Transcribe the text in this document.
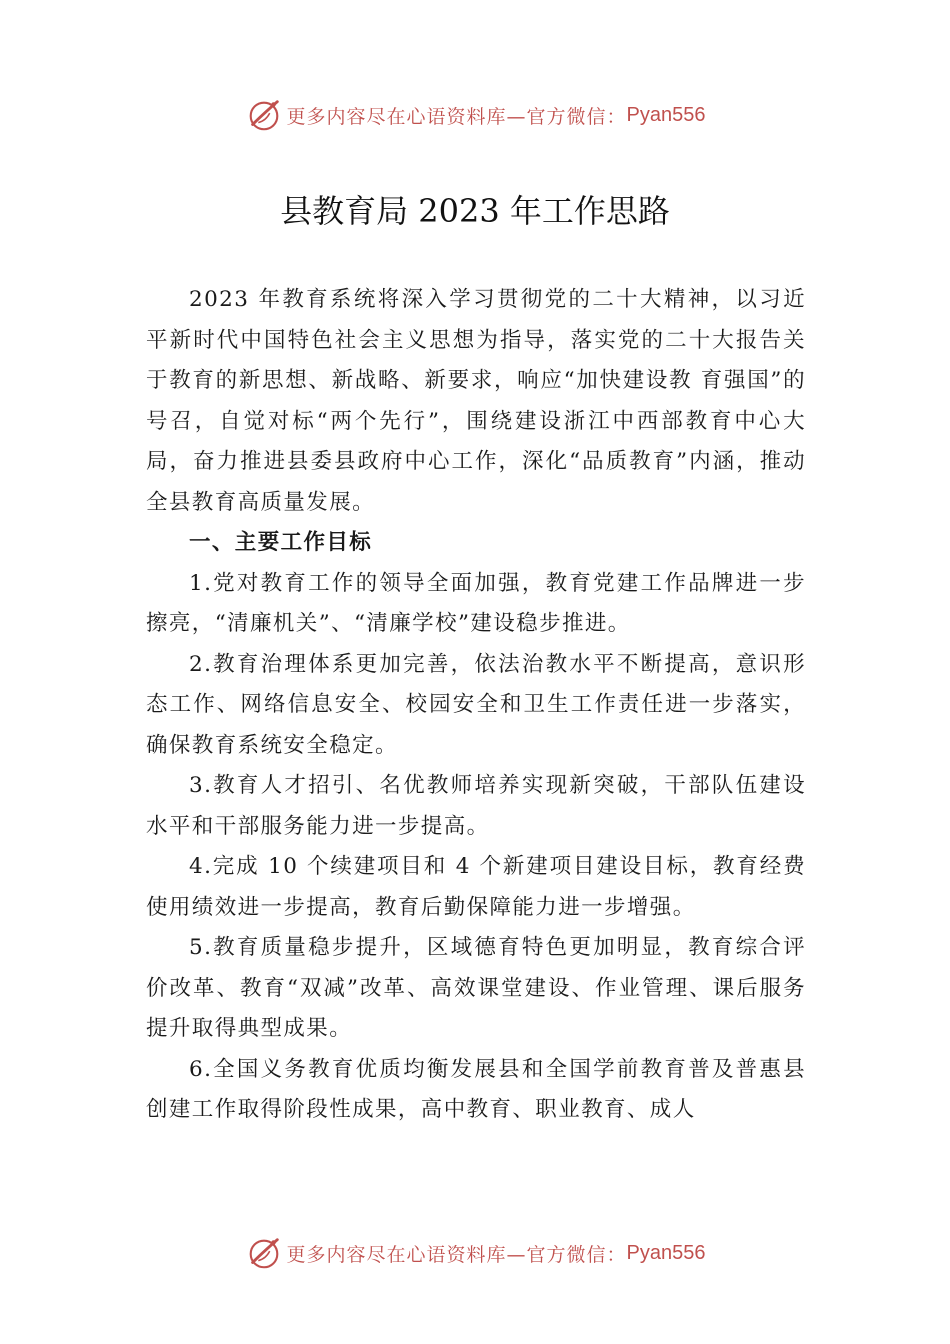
更多内容尽在心语资料库—官方微信： Pyan556
县教育局 2023 年工作思路

2023 年教育系统将深入学习贯彻党的二十大精神，以习近平新时代中国特色社会主义思想为指导，落实党的二十大报告关于教育的新思想、新战略、新要求，响应“加快建设教 育强国”的号召，自觉对标“两个先行”，围绕建设浙江中西部教育中心大局，奋力推进县委县政府中心工作，深化“品质教育”内涵，推动全县教育高质量发展。

一、主要工作目标

1.党对教育工作的领导全面加强，教育党建工作品牌进一步擦亮，“清廉机关”、“清廉学校”建设稳步推进。

2.教育治理体系更加完善，依法治教水平不断提高，意识形态工作、网络信息安全、校园安全和卫生工作责任进一步落实，确保教育系统安全稳定。

3.教育人才招引、名优教师培养实现新突破，干部队伍建设水平和干部服务能力进一步提高。

4.完成 10 个续建项目和 4 个新建项目建设目标，教育经费使用绩效进一步提高，教育后勤保障能力进一步增强。

5.教育质量稳步提升，区域德育特色更加明显，教育综合评价改革、教育“双减”改革、高效课堂建设、作业管理、课后服务提升取得典型成果。

6.全国义务教育优质均衡发展县和全国学前教育普及普惠县创建工作取得阶段性成果，高中教育、职业教育、成人

更多内容尽在心语资料库—官方微信： Pyan556
